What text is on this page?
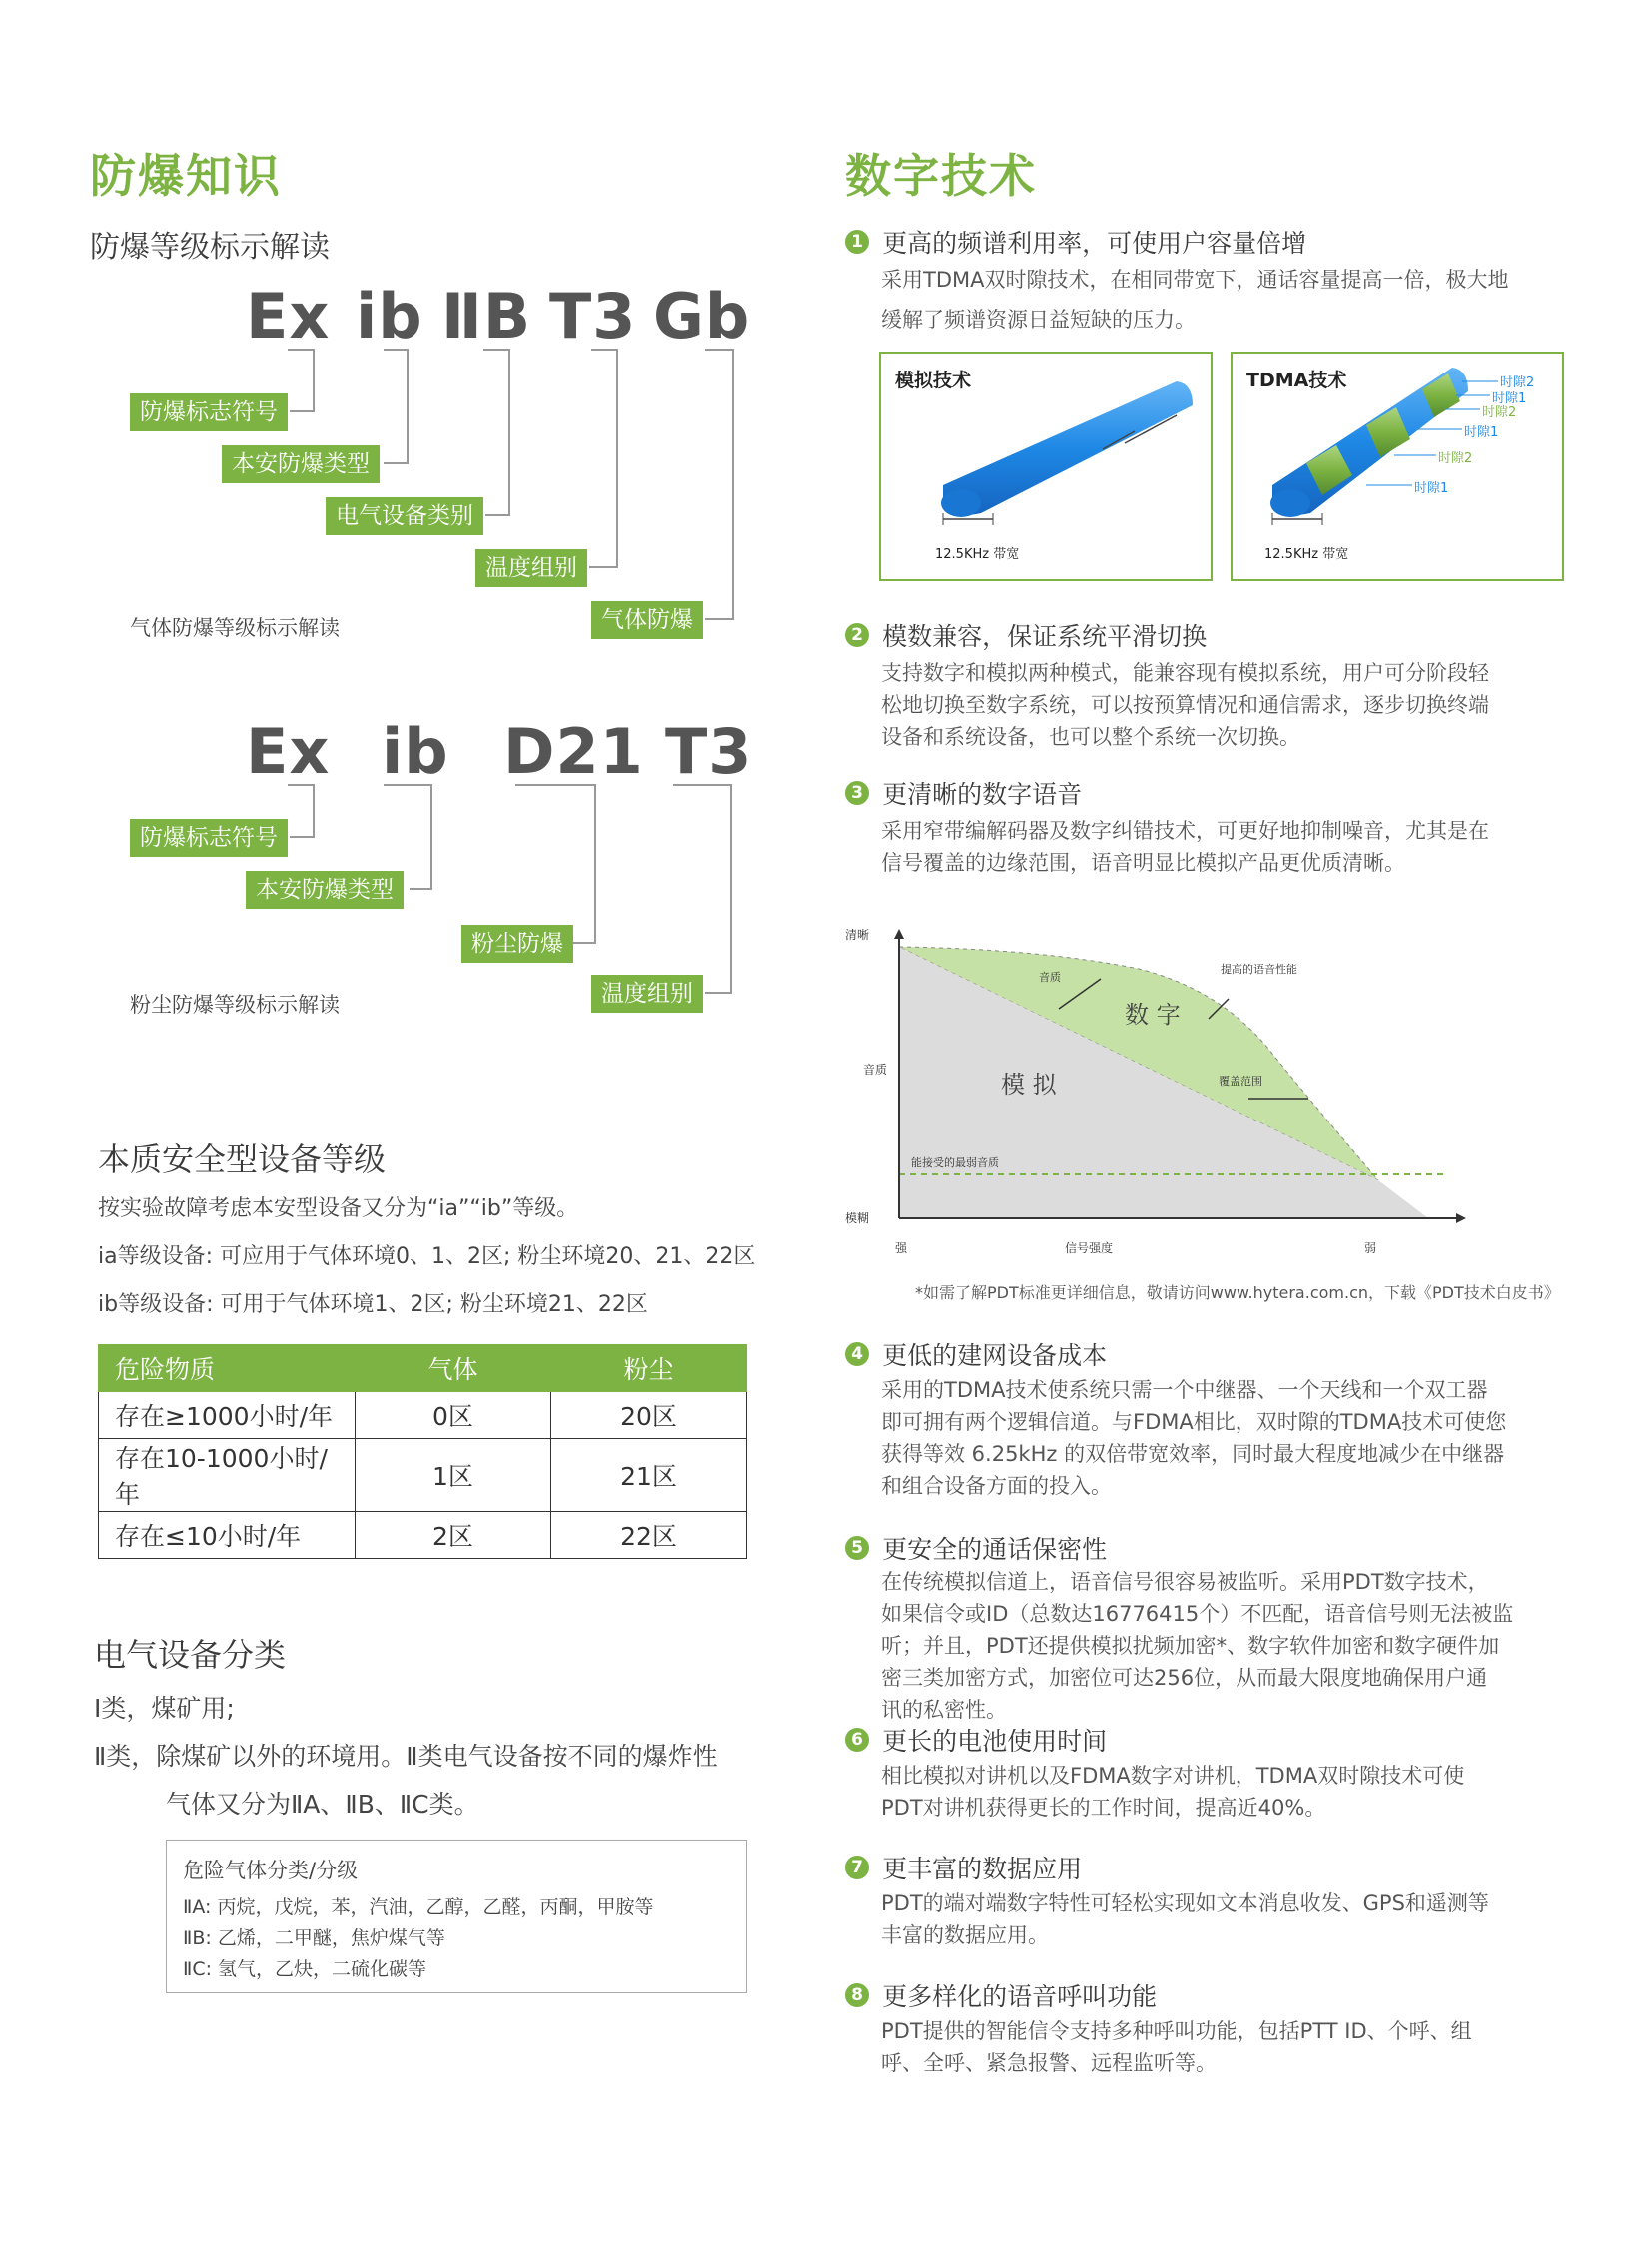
防爆知识
防爆等级标示解读
Ex ib ⅡB T3 Gb
防爆标志符号
本安防爆类型
电气设备类别
温度组别
气体防爆
气体防爆等级标示解读
Ex ib D21 T3
防爆标志符号
本安防爆类型
粉尘防爆
温度组别
粉尘防爆等级标示解读
本质安全型设备等级
按实验故障考虑本安型设备又分为“ia”“ib”等级。
ia等级设备: 可应用于气体环境0、1、2区; 粉尘环境20、21、22区
ib等级设备: 可用于气体环境1、2区; 粉尘环境21、22区
危险物质	气体	粉尘
存在≥1000小时/年	0区	20区
存在10-1000小时/年	1区	21区
存在≤10小时/年	2区	22区
电气设备分类
Ⅰ类，煤矿用;
Ⅱ类，除煤矿以外的环境用。Ⅱ类电气设备按不同的爆炸性
气体又分为ⅡA、ⅡB、ⅡC类。
危险气体分类/分级
ⅡA: 丙烷，戊烷，苯，汽油，乙醇，乙醛，丙酮，甲胺等
ⅡB: 乙烯，二甲醚，焦炉煤气等
ⅡC: 氢气，乙炔，二硫化碳等
数字技术
1 更高的频谱利用率，可使用户容量倍增
采用TDMA双时隙技术，在相同带宽下，通话容量提高一倍，极大地
缓解了频谱资源日益短缺的压力。
模拟技术
12.5KHz 带宽
TDMA技术	时隙2
时隙1
时隙2
时隙1
时隙2
时隙1
12.5KHz 带宽
2 模数兼容，保证系统平滑切换
支持数字和模拟两种模式，能兼容现有模拟系统，用户可分阶段轻
松地切换至数字系统，可以按预算情况和通信需求，逐步切换终端
设备和系统设备，也可以整个系统一次切换。
3 更清晰的数字语音
采用窄带编解码器及数字纠错技术，可更好地抑制噪音，尤其是在
信号覆盖的边缘范围，语音明显比模拟产品更优质清晰。
清晰
模糊
音质
强	信号强度	弱
模 拟
数 字
音质
提高的语音性能
覆盖范围
能接受的最弱音质
*如需了解PDT标准更详细信息，敬请访问www.hytera.com.cn，下载《PDT技术白皮书》
4 更低的建网设备成本
采用的TDMA技术使系统只需一个中继器、一个天线和一个双工器
即可拥有两个逻辑信道。与FDMA相比，双时隙的TDMA技术可使您
获得等效 6.25kHz 的双倍带宽效率，同时最大程度地减少在中继器
和组合设备方面的投入。
5 更安全的通话保密性
在传统模拟信道上，语音信号很容易被监听。采用PDT数字技术，
如果信令或ID（总数达16776415个）不匹配，语音信号则无法被监
听；并且，PDT还提供模拟扰频加密*、数字软件加密和数字硬件加
密三类加密方式，加密位可达256位，从而最大限度地确保用户通
讯的私密性。
6 更长的电池使用时间
相比模拟对讲机以及FDMA数字对讲机，TDMA双时隙技术可使
PDT对讲机获得更长的工作时间，提高近40%。
7 更丰富的数据应用
PDT的端对端数字特性可轻松实现如文本消息收发、GPS和遥测等
丰富的数据应用。
8 更多样化的语音呼叫功能
PDT提供的智能信令支持多种呼叫功能，包括PTT ID、个呼、组
呼、全呼、紧急报警、远程监听等。
